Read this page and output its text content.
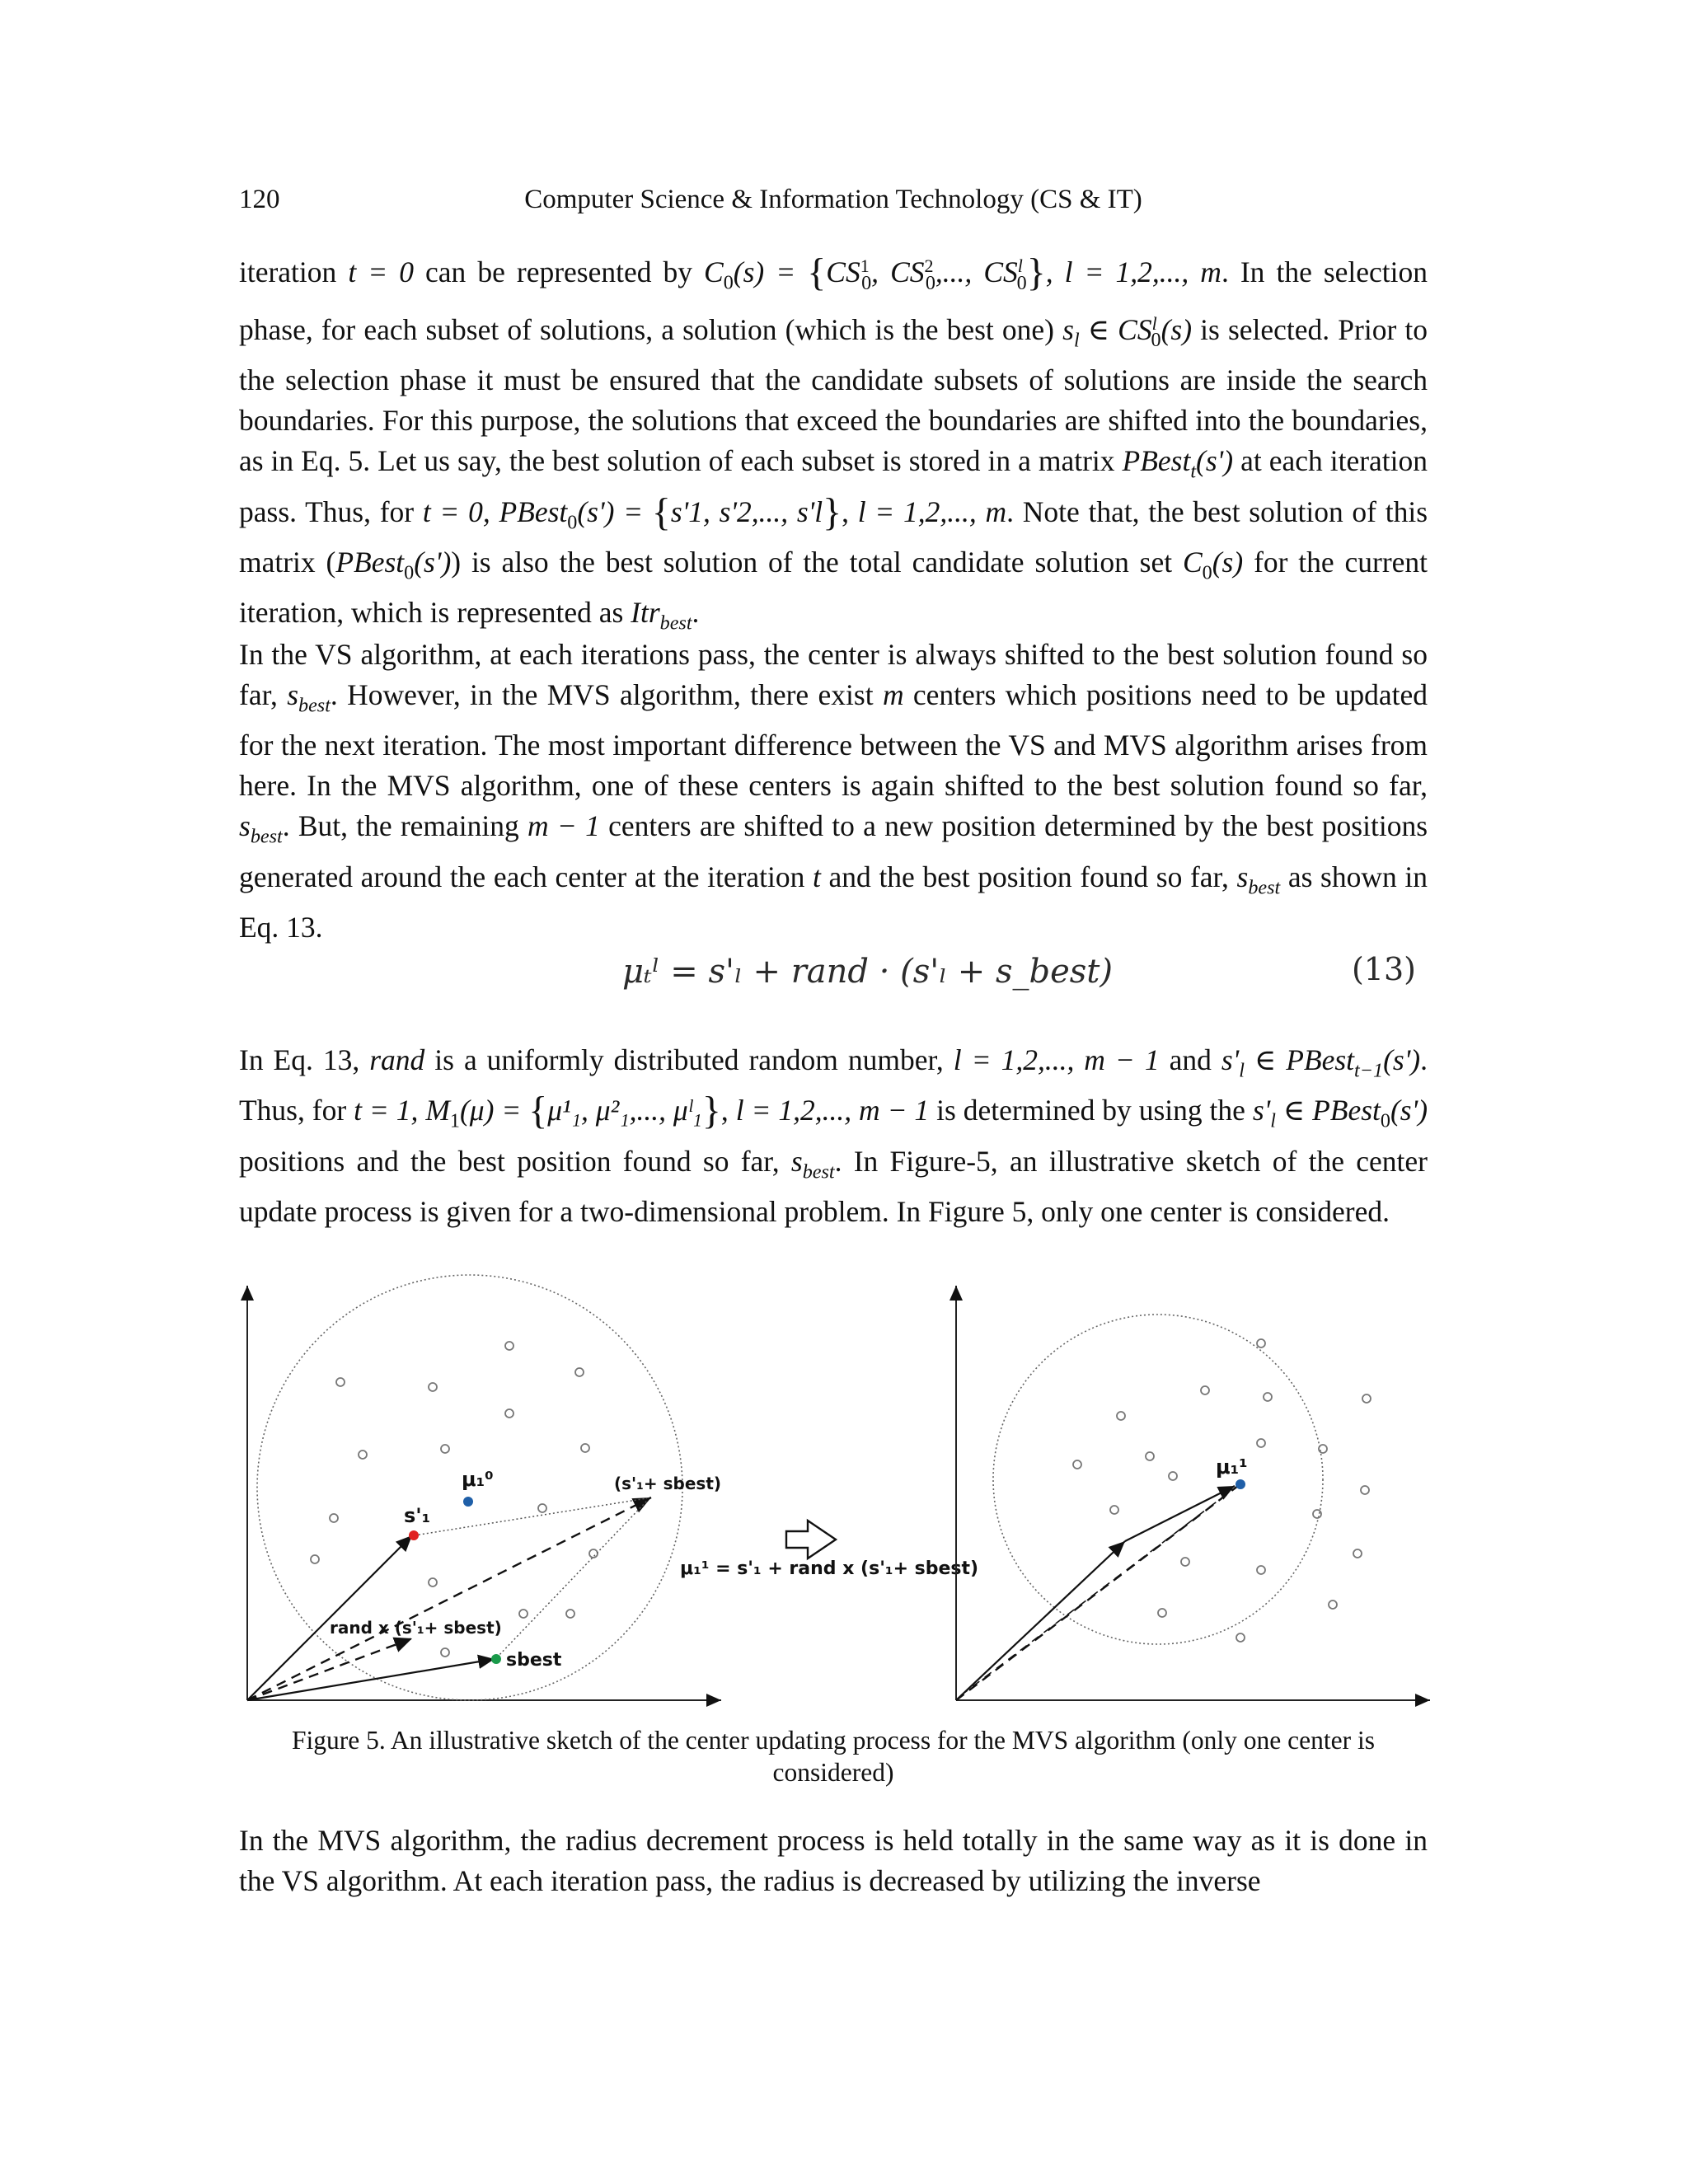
120	Computer Science & Information Technology (CS & IT)

iteration t = 0 can be represented by $C_0(s) = \{CS^1_0$, $CS^2_0$,..., $CS^l_0$}, l = 1,2,..., m. In the selection phase, for each subset of solutions, a solution (which is the best one) $s_l$ ∈ $CS^l_0(s)$ is selected. Prior to the selection phase it must be ensured that the candidate subsets of solutions are inside the search boundaries. For this purpose, the solutions that exceed the boundaries are shifted into the boundaries, as in Eq. 5. Let us say, the best solution of each subset is stored in a matrix PBest$_t$(s') at each iteration pass. Thus, for t = 0, PBest$_0$(s') = {s'1, s'2,..., s'l}, l = 1,2,..., m. Note that, the best solution of this matrix (PBest$_0$(s')) is also the best solution of the total candidate solution set $C_0(s)$ for the current iteration, which is represented as Itr$_{best}$.

In the VS algorithm, at each iterations pass, the center is always shifted to the best solution found so far, $s_{best}$. However, in the MVS algorithm, there exist m centers which positions need to be updated for the next iteration. The most important difference between the VS and MVS algorithm arises from here. In the MVS algorithm, one of these centers is again shifted to the best solution found so far, $s_{best}$. But, the remaining m − 1 centers are shifted to a new position determined by the best positions generated around the each center at the iteration t and the best position found so far, $s_{best}$ as shown in Eq. 13.

μₜˡ = s'ₗ + rand · (s'ₗ + s_best)	(13)

In Eq. 13, rand is a uniformly distributed random number, l = 1,2,..., m − 1 and $s'_l$ ∈ PBest$_{t-1}$(s'). Thus, for t = 1, $M_1(\mu) = \{\mu^1_1$, μ²₁,..., μˡ₁}, l = 1,2,..., m − 1 is determined by using the $s'_l$ ∈ PBest$_0$(s') positions and the best position found so far, $s_{best}$. In Figure-5, an illustrative sketch of the center update process is given for a two-dimensional problem. In Figure 5, only one center is considered.

μ₁⁰
s'₁
(s'₁+ sbest)
rand x (s'₁+ sbest)
sbest
μ₁¹ = s'₁ + rand x (s'₁+ sbest)
μ₁¹
Figure 5. An illustrative sketch of the center updating process for the MVS algorithm (only one center is considered)

In the MVS algorithm, the radius decrement process is held totally in the same way as it is done in the VS algorithm. At each iteration pass, the radius is decreased by utilizing the inverse
